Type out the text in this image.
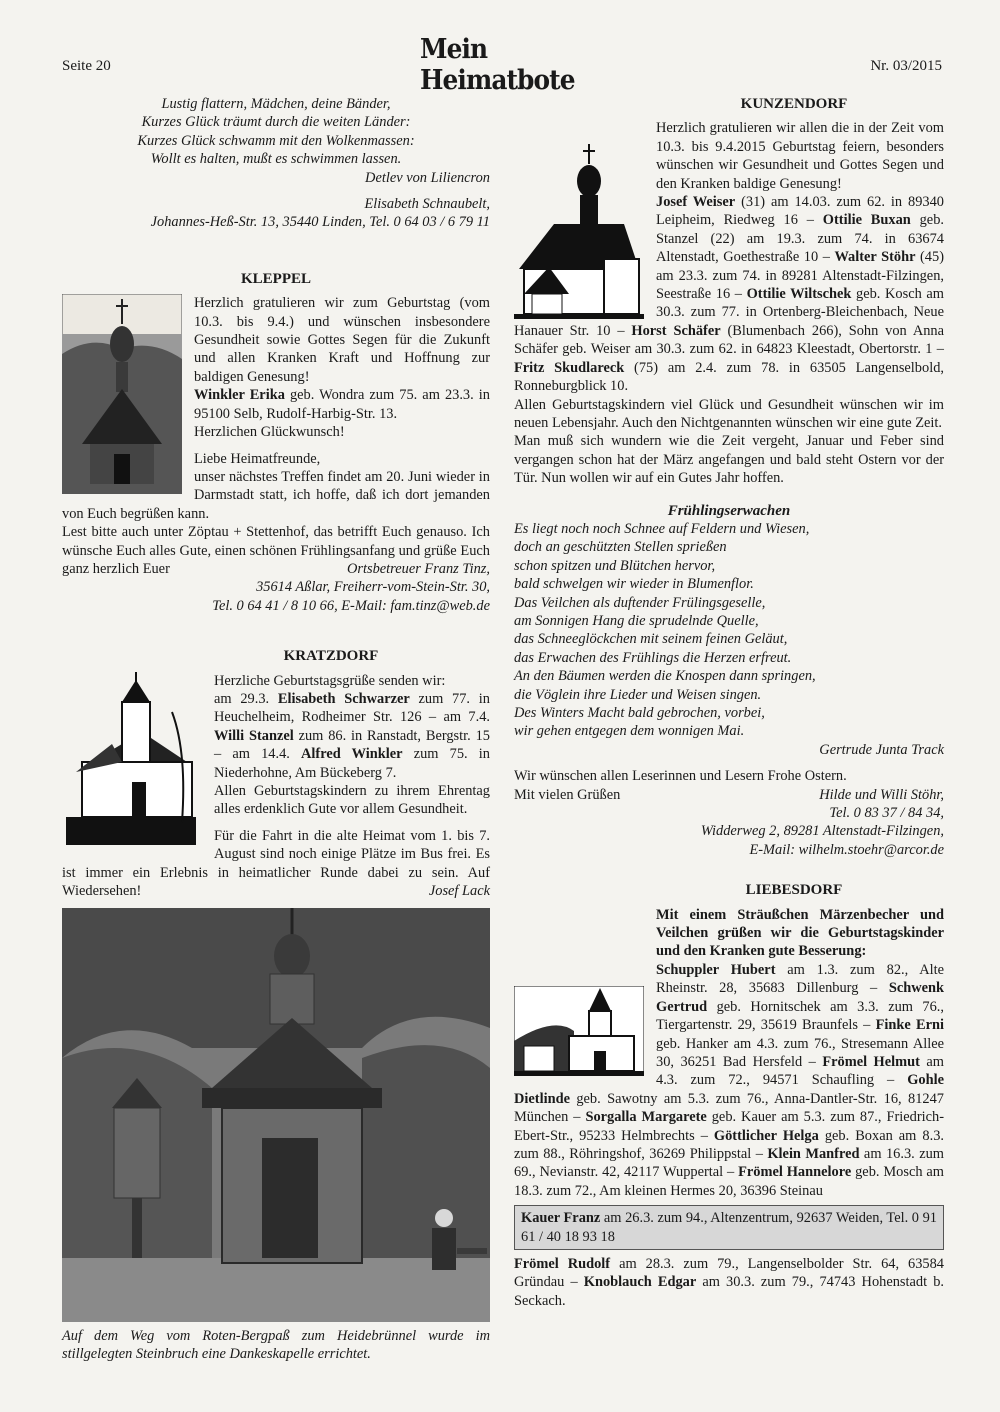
Seite 20
Mein Heimatbote	Nr. 03/2015
Lustig flattern, Mädchen, deine Bänder,
Kurzes Glück träumt durch die weiten Länder:
Kurzes Glück schwamm mit den Wolkenmassen:
Wollt es halten, mußt es schwimmen lassen.
Detlev von Liliencron
Elisabeth Schnaubelt,
Johannes-Heß-Str. 13, 35440 Linden, Tel. 0 64 03 / 6 79 11

KLEPPEL

Herzlich gratulieren wir zum Geburtstag (vom 10.3. bis 9.4.) und wünschen insbesondere Gesundheit sowie Gottes Segen für die Zukunft und allen Kranken Kraft und Hoffnung zur baldigen Genesung!
Winkler Erika geb. Wondra zum 75. am 23.3. in 95100 Selb, Rudolf-Harbig-Str. 13.
Herzlichen Glückwunsch!
Liebe Heimatfreunde,
unser nächstes Treffen findet am 20. Juni wieder in Darmstadt statt, ich hoffe, daß ich dort jemanden von Euch begrüßen kann.
Lest bitte auch unter Zöptau + Stettenhof, das betrifft Euch genauso. Ich wünsche Euch alles Gute, einen schönen Frühlingsanfang und grüße Euch ganz herzlich Euer	Ortsbetreuer Franz Tinz,
35614 Aßlar, Freiherr-vom-Stein-Str. 30,
Tel. 0 64 41 / 8 10 66, E-Mail: fam.tinz@web.de

KRATZDORF

Herzliche Geburtstagsgrüße senden wir:
am 29.3. Elisabeth Schwarzer zum 77. in Heuchelheim, Rodheimer Str. 126 – am 7.4. Willi Stanzel zum 86. in Ranstadt, Bergstr. 15 – am 14.4. Alfred Winkler zum 75. in Niederhohne, Am Bückeberg 7.
Allen Geburtstagskindern zu ihrem Ehrentag alles erdenklich Gute vor allem Gesundheit.
Für die Fahrt in die alte Heimat vom 1. bis 7. August sind noch einige Plätze im Bus frei. Es ist immer ein Erlebnis in heimatlicher Runde dabei zu sein. Auf Wiedersehen!	Josef Lack
Auf dem Weg vom Roten-Bergpaß zum Heidebrünnel wurde im stillgelegten Steinbruch eine Dankeskapelle errichtet.

KUNZENDORF

Herzlich gratulieren wir allen die in der Zeit vom 10.3. bis 9.4.2015 Geburtstag feiern, besonders wünschen wir Gesundheit und Gottes Segen und den Kranken baldige Genesung!
Josef Weiser (31) am 14.03. zum 62. in 89340 Leipheim, Riedweg 16 – Ottilie Buxan geb. Stanzel (22) am 19.3. zum 74. in 63674 Altenstadt, Goethestraße 10 – Walter Stöhr (45) am 23.3. zum 74. in 89281 Altenstadt-Filzingen, Seestraße 16 – Ottilie Wiltschek geb. Kosch am 30.3. zum 77. in Ortenberg-Bleichenbach, Neue Hanauer Str. 10 – Horst Schäfer (Blumenbach 266), Sohn von Anna Schäfer geb. Weiser am 30.3. zum 62. in 64823 Kleestadt, Obertorstr. 1 – Fritz Skudlareck (75) am 2.4. zum 78. in 63505 Langenselbold, Ronneburgblick 10.
Allen Geburtstagskindern viel Glück und Gesundheit wünschen wir im neuen Lebensjahr. Auch den Nichtgenannten wünschen wir eine gute Zeit.
Man muß sich wundern wie die Zeit vergeht, Januar und Feber sind vergangen schon hat der März angefangen und bald steht Ostern vor der Tür. Nun wollen wir auf ein Gutes Jahr hoffen.

Frühlingserwachen

Es liegt noch noch Schnee auf Feldern und Wiesen,
doch an geschützten Stellen sprießen
schon spitzen und Blütchen hervor,
bald schwelgen wir wieder in Blumenflor.
Das Veilchen als duftender Frülingsgeselle,
am Sonnigen Hang die sprudelnde Quelle,
das Schneeglöckchen mit seinem feinen Geläut,
das Erwachen des Frühlings die Herzen erfreut.
An den Bäumen werden die Knospen dann springen,
die Vöglein ihre Lieder und Weisen singen.
Des Winters Macht bald gebrochen, vorbei,
wir gehen entgegen dem wonnigen Mai.
Gertrude Junta Track
Wir wünschen allen Leserinnen und Lesern Frohe Ostern.
Mit vielen Grüßen	Hilde und Willi Stöhr,
Tel. 0 83 37 / 84 34,
Widderweg 2, 89281 Altenstadt-Filzingen,
E-Mail: wilhelm.stoehr@arcor.de

LIEBESDORF

Mit einem Sträußchen Märzenbecher und Veilchen grüßen wir die Geburtstagskinder und den Kranken gute Besserung:
Schuppler Hubert am 1.3. zum 82., Alte Rheinstr. 28, 35683 Dillenburg – Schwenk Gertrud geb. Hornitschek am 3.3. zum 76., Tiergartenstr. 29, 35619 Braunfels – Finke Erni geb. Hanker am 4.3. zum 76., Stresemann Allee 30, 36251 Bad Hersfeld – Frömel Helmut am 4.3. zum 72., 94571 Schaufling – Gohle Dietlinde geb. Sawotny am 5.3. zum 76., Anna-Dantler-Str. 16, 81247 München – Sorgalla Margarete geb. Kauer am 5.3. zum 87., Friedrich-Ebert-Str., 95233 Helmbrechts – Göttlicher Helga geb. Boxan am 8.3. zum 88., Röhringshof, 36269 Philippstal – Klein Manfred am 16.3. zum 69., Nevianstr. 42, 42117 Wuppertal – Frömel Hannelore geb. Mosch am 18.3. zum 72., Am kleinen Hermes 20, 36396 Steinau
Kauer Franz am 26.3. zum 94., Altenzentrum, 92637 Weiden, Tel. 0 91 61 / 40 18 93 18
Frömel Rudolf am 28.3. zum 79., Langenselbolder Str. 64, 63584 Gründau – Knoblauch Edgar am 30.3. zum 79., 74743 Hohenstadt b. Seckach.
